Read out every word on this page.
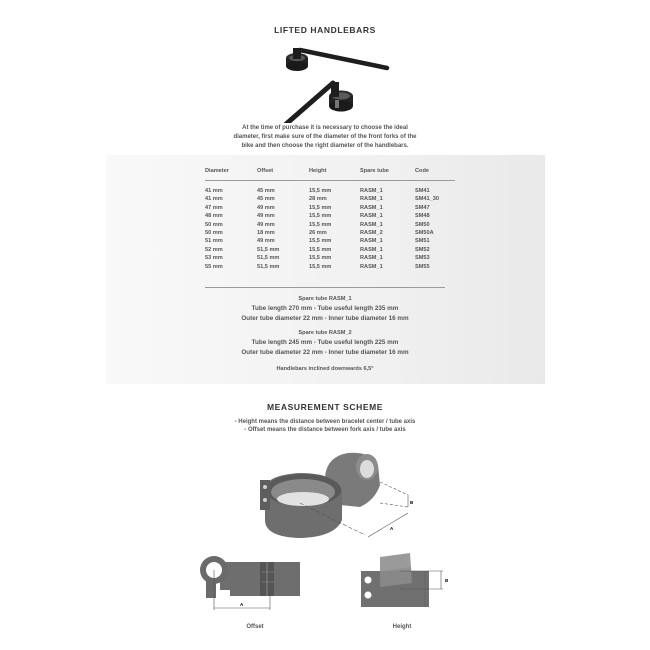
LIFTED HANDLEBARS
At the time of purchase it is necessary to choose the ideal
diameter, first make sure of the diameter of the front forks of the
bike and then choose the right diameter of the handlebars.
Diameter	Offset	Height	Spare tube	Code
41 mm	45 mm	15,5 mm	RASM_1	SM41
41 mm	45 mm	28 mm	RASM_1	SM41_30
47 mm	49 mm	15,5 mm	RASM_1	SM47
48 mm	49 mm	15,5 mm	RASM_1	SM48
50 mm	49 mm	15,5 mm	RASM_1	SM50
50 mm	18 mm	26 mm	RASM_2	SM50A
51 mm	49 mm	15,5 mm	RASM_1	SM51
52 mm	51,5 mm	15,5 mm	RASM_1	SM52
53 mm	51,5 mm	15,5 mm	RASM_1	SM53
55 mm	51,5 mm	15,5 mm	RASM_1	SM55
Spare tube RASM_1
Tube length 270 mm - Tube useful length 235 mm
Outer tube diameter 22 mm - Inner tube diameter 16 mm
Spare tube RASM_2
Tube length 245 mm - Tube useful length 225 mm
Outer tube diameter 22 mm - Inner tube diameter 16 mm
Handlebars inclined downwards 6,5°
MEASUREMENT SCHEME
- Height means the distance between bracelet center / tube axis
- Offset means the distance between fork axis / tube axis
B
A
A
Offset
B
Height
